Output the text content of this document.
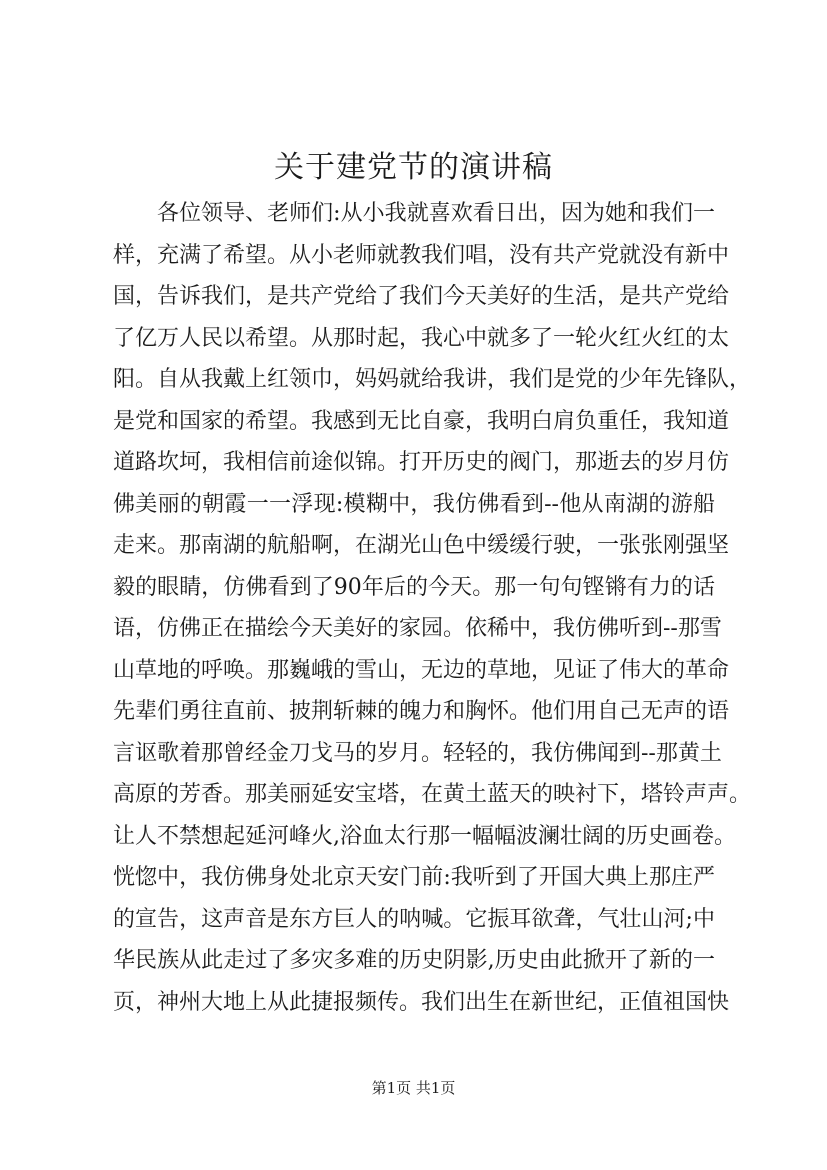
关于建党节的演讲稿
各位领导、老师们:从小我就喜欢看日出，因为她和我们一
样，充满了希望。从小老师就教我们唱，没有共产党就没有新中
国，告诉我们，是共产党给了我们今天美好的生活，是共产党给
了亿万人民以希望。从那时起，我心中就多了一轮火红火红的太
阳。自从我戴上红领巾，妈妈就给我讲，我们是党的少年先锋队，
是党和国家的希望。我感到无比自豪，我明白肩负重任，我知道
道路坎坷，我相信前途似锦。打开历史的阀门，那逝去的岁月仿
佛美丽的朝霞一一浮现:模糊中，我仿佛看到--他从南湖的游船
走来。那南湖的航船啊，在湖光山色中缓缓行驶，一张张刚强坚
毅的眼睛，仿佛看到了90年后的今天。那一句句铿锵有力的话
语，仿佛正在描绘今天美好的家园。依稀中，我仿佛听到--那雪
山草地的呼唤。那巍峨的雪山，无边的草地，见证了伟大的革命
先辈们勇往直前、披荆斩棘的魄力和胸怀。他们用自己无声的语
言讴歌着那曾经金刀戈马的岁月。轻轻的，我仿佛闻到--那黄土
高原的芳香。那美丽延安宝塔，在黄土蓝天的映衬下，塔铃声声。
让人不禁想起延河峰火,浴血太行那一幅幅波澜壮阔的历史画卷。
恍惚中，我仿佛身处北京天安门前:我听到了开国大典上那庄严
的宣告，这声音是东方巨人的呐喊。它振耳欲聋，气壮山河;中
华民族从此走过了多灾多难的历史阴影,历史由此掀开了新的一
页，神州大地上从此捷报频传。我们出生在新世纪，正值祖国快
第1页 共1页
